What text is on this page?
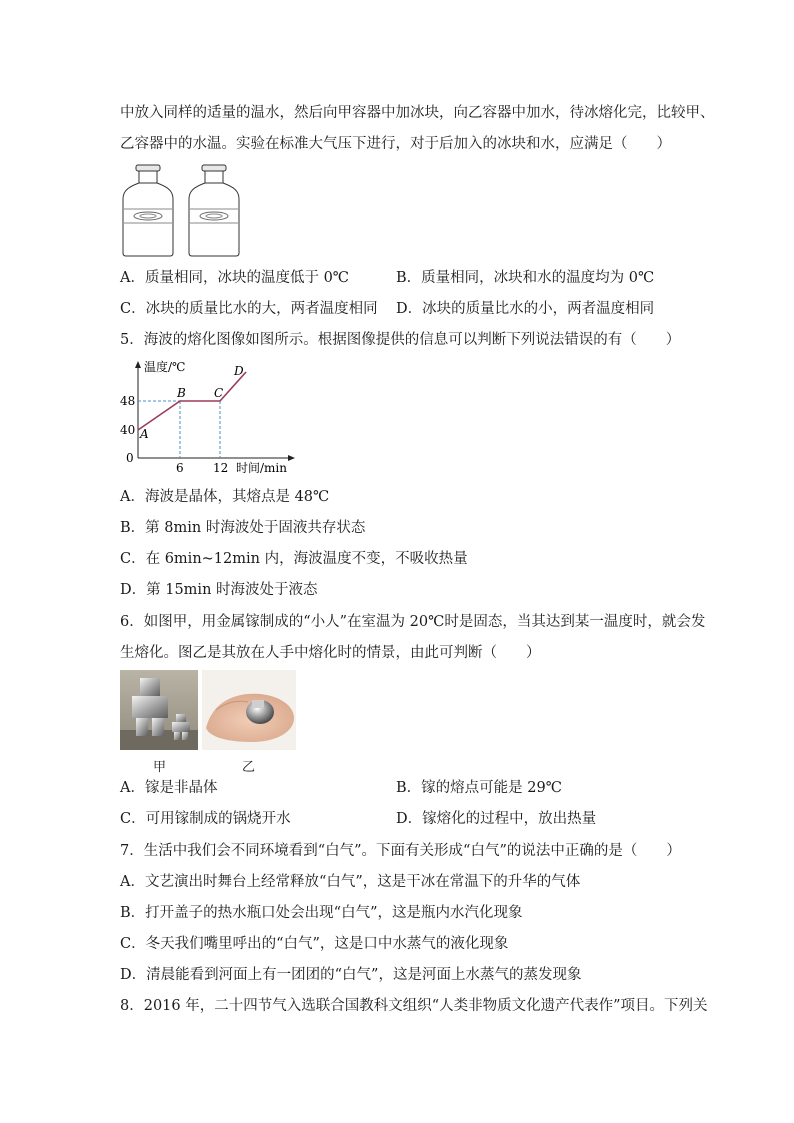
中放入同样的适量的温水，然后向甲容器中加冰块，向乙容器中加水，待冰熔化完，比较甲、
乙容器中的水温。实验在标准大气压下进行，对于后加入的冰块和水，应满足（　　）
A．质量相同，冰块的温度低于 0℃	B．质量相同，冰块和水的温度均为 0℃
C．冰块的质量比水的大，两者温度相同 D．冰块的质量比水的小，两者温度相同
5．海波的熔化图像如图所示。根据图像提供的信息可以判断下列说法错误的有（　　）
温度/℃
时间/min
48
40
0
6 12
A
B C
D
A．海波是晶体，其熔点是 48℃
B．第 8min 时海波处于固液共存状态
C．在 6min~12min 内，海波温度不变，不吸收热量
D．第 15min 时海波处于液态
6．如图甲，用金属镓制成的“小人”在室温为 20℃时是固态，当其达到某一温度时，就会发
生熔化。图乙是其放在人手中熔化时的情景，由此可判断（　　）
甲	乙
A．镓是非晶体	B．镓的熔点可能是 29℃
C．可用镓制成的锅烧开水	D．镓熔化的过程中，放出热量
7．生活中我们会不同环境看到“白气”。下面有关形成“白气”的说法中正确的是（　　）
A．文艺演出时舞台上经常释放“白气”，这是干冰在常温下的升华的气体
B．打开盖子的热水瓶口处会出现“白气”，这是瓶内水汽化现象
C．冬天我们嘴里呼出的“白气”，这是口中水蒸气的液化现象
D．清晨能看到河面上有一团团的“白气”，这是河面上水蒸气的蒸发现象
8．2016 年，二十四节气入选联合国教科文组织“人类非物质文化遗产代表作”项目。下列关
